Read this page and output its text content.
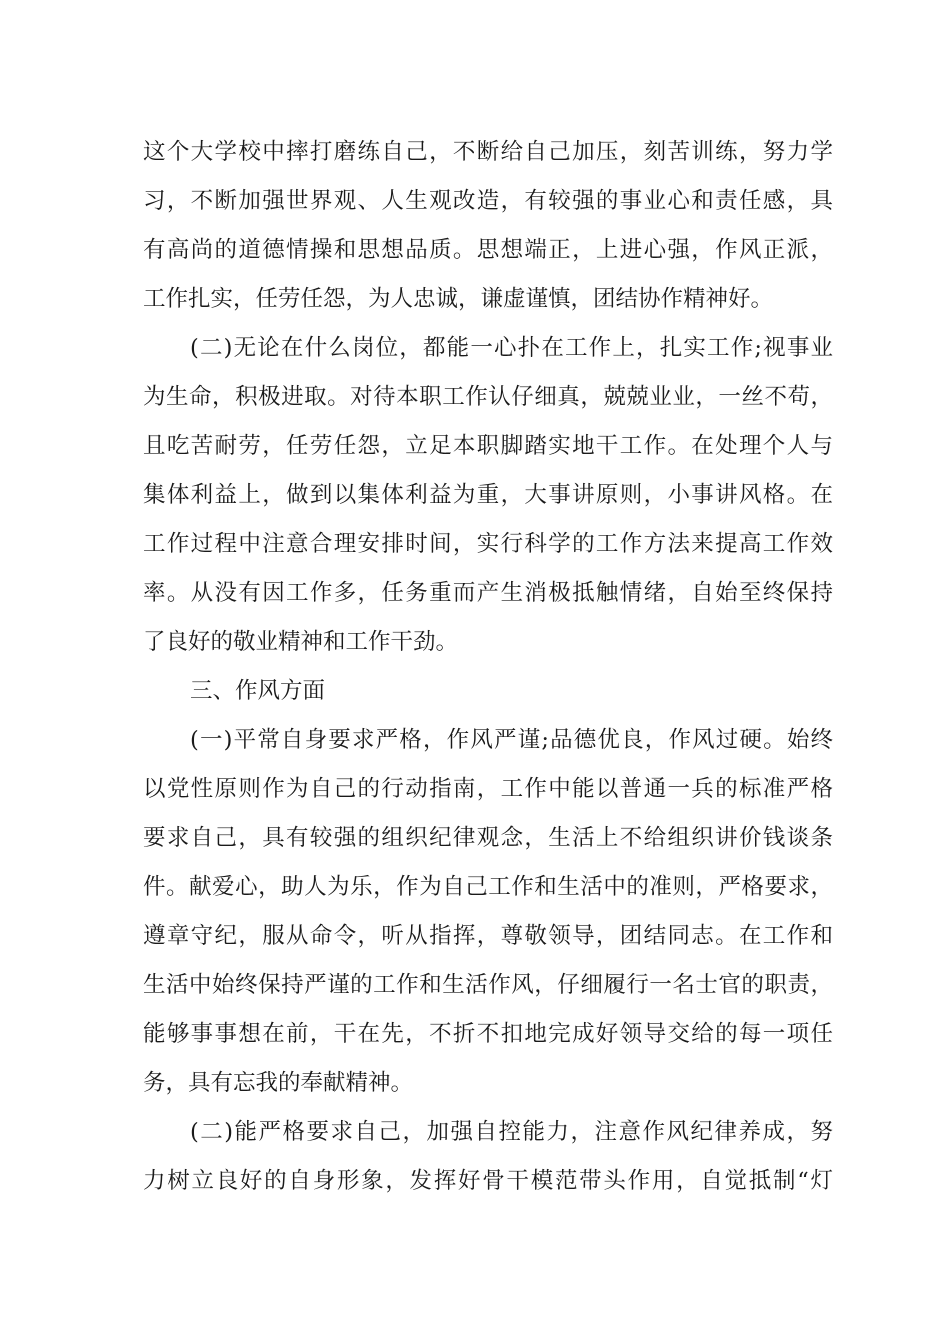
这个大学校中摔打磨练自己，不断给自己加压，刻苦训练，努力学
习，不断加强世界观、人生观改造，有较强的事业心和责任感，具
有高尚的道德情操和思想品质。思想端正，上进心强，作风正派，
工作扎实，任劳任怨，为人忠诚，谦虚谨慎，团结协作精神好。
(二)无论在什么岗位，都能一心扑在工作上，扎实工作;视事业
为生命，积极进取。对待本职工作认仔细真，兢兢业业，一丝不苟，
且吃苦耐劳，任劳任怨，立足本职脚踏实地干工作。在处理个人与
集体利益上，做到以集体利益为重，大事讲原则，小事讲风格。在
工作过程中注意合理安排时间，实行科学的工作方法来提高工作效
率。从没有因工作多，任务重而产生消极抵触情绪，自始至终保持
了良好的敬业精神和工作干劲。
三、作风方面
(一)平常自身要求严格，作风严谨;品德优良，作风过硬。始终
以党性原则作为自己的行动指南，工作中能以普通一兵的标准严格
要求自己，具有较强的组织纪律观念，生活上不给组织讲价钱谈条
件。献爱心，助人为乐，作为自己工作和生活中的准则，严格要求，
遵章守纪，服从命令，听从指挥，尊敬领导，团结同志。在工作和
生活中始终保持严谨的工作和生活作风，仔细履行一名士官的职责，
能够事事想在前，干在先，不折不扣地完成好领导交给的每一项任
务，具有忘我的奉献精神。
(二)能严格要求自己，加强自控能力，注意作风纪律养成，努
力树立良好的自身形象，发挥好骨干模范带头作用，自觉抵制“灯
